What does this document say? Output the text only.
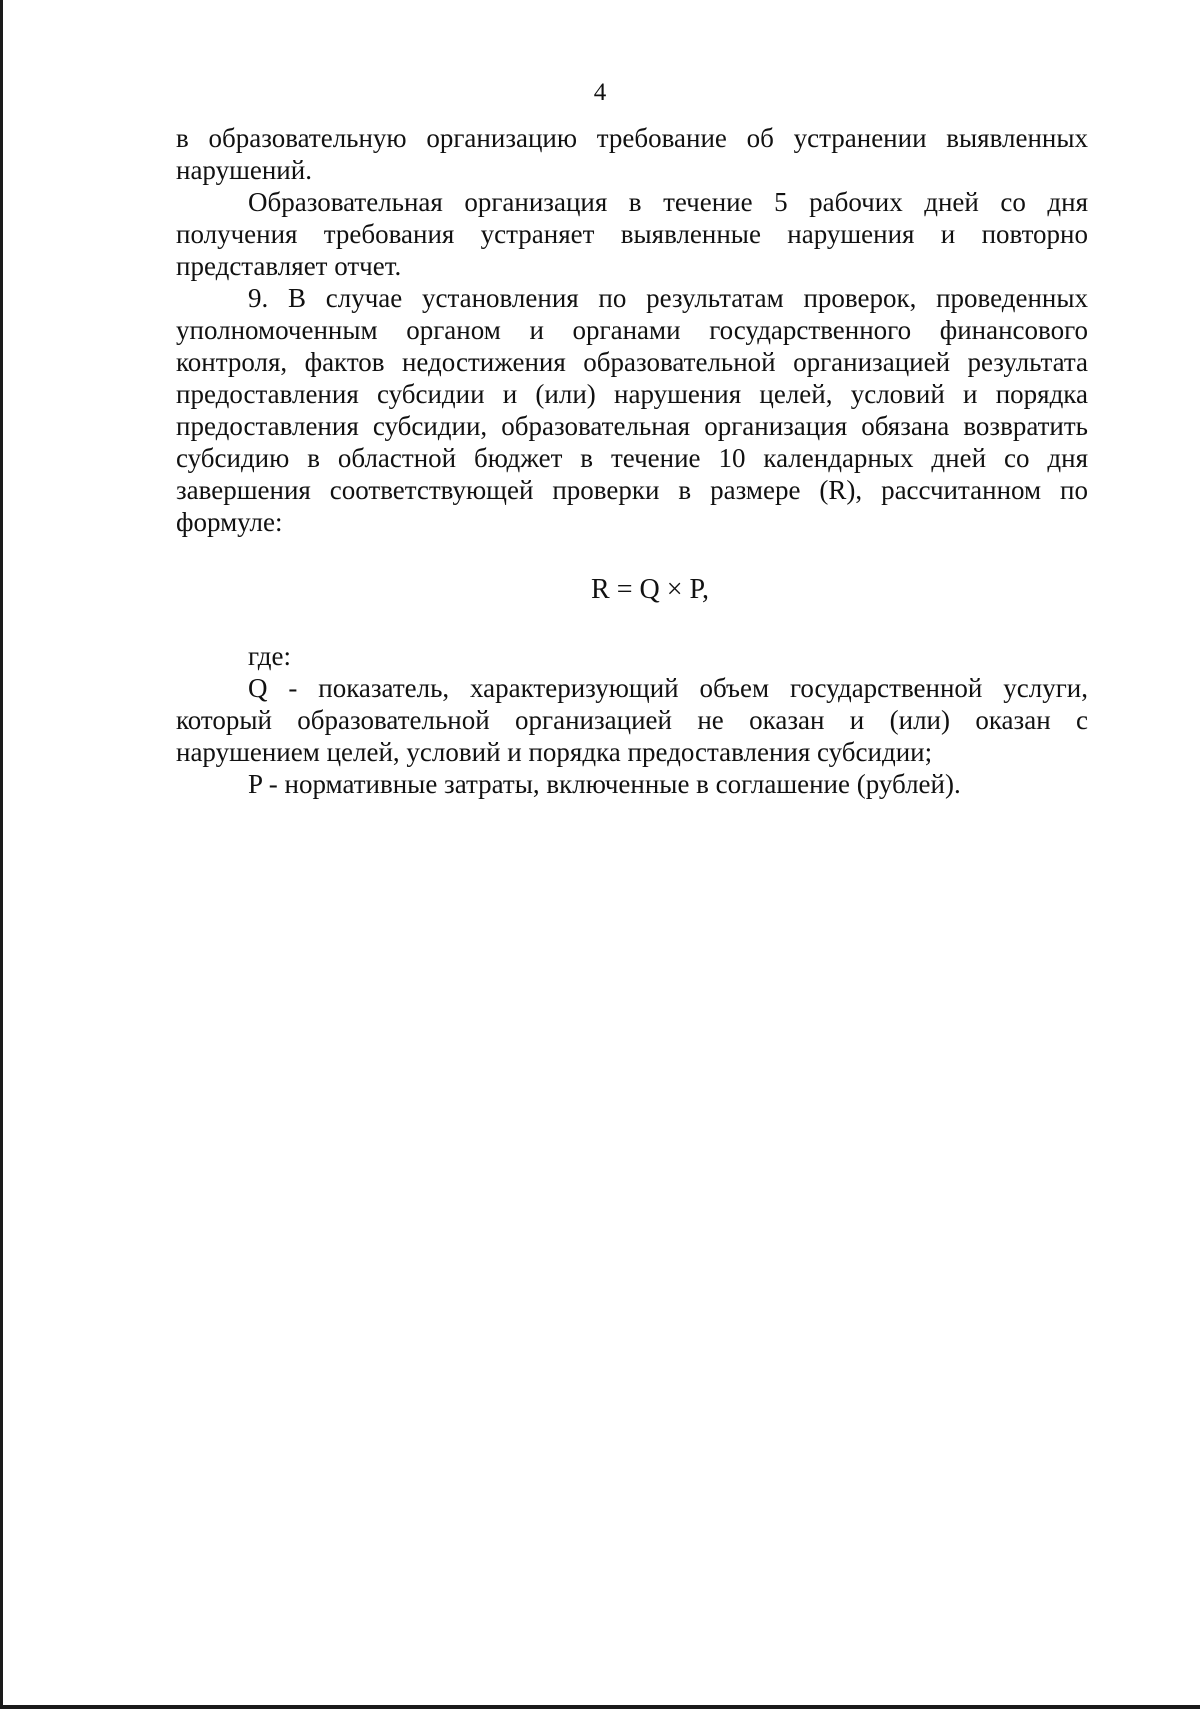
4

в образовательную организацию требование об устранении выявленных нарушений.

Образовательная организация в течение 5 рабочих дней со дня получения требования устраняет выявленные нарушения и повторно представляет отчет.

9. В случае установления по результатам проверок, проведенных уполномоченным органом и органами государственного финансового контроля, фактов недостижения образовательной организацией результата предоставления субсидии и (или) нарушения целей, условий и порядка предоставления субсидии, образовательная организация обязана возвратить субсидию в областной бюджет в течение 10 календарных дней со дня завершения соответствующей проверки в размере (R), рассчитанном по формуле:

R = Q × P,

где:

Q - показатель, характеризующий объем государственной услуги, который образовательной организацией не оказан и (или) оказан с нарушением целей, условий и порядка предоставления субсидии;

P - нормативные затраты, включенные в соглашение (рублей).
